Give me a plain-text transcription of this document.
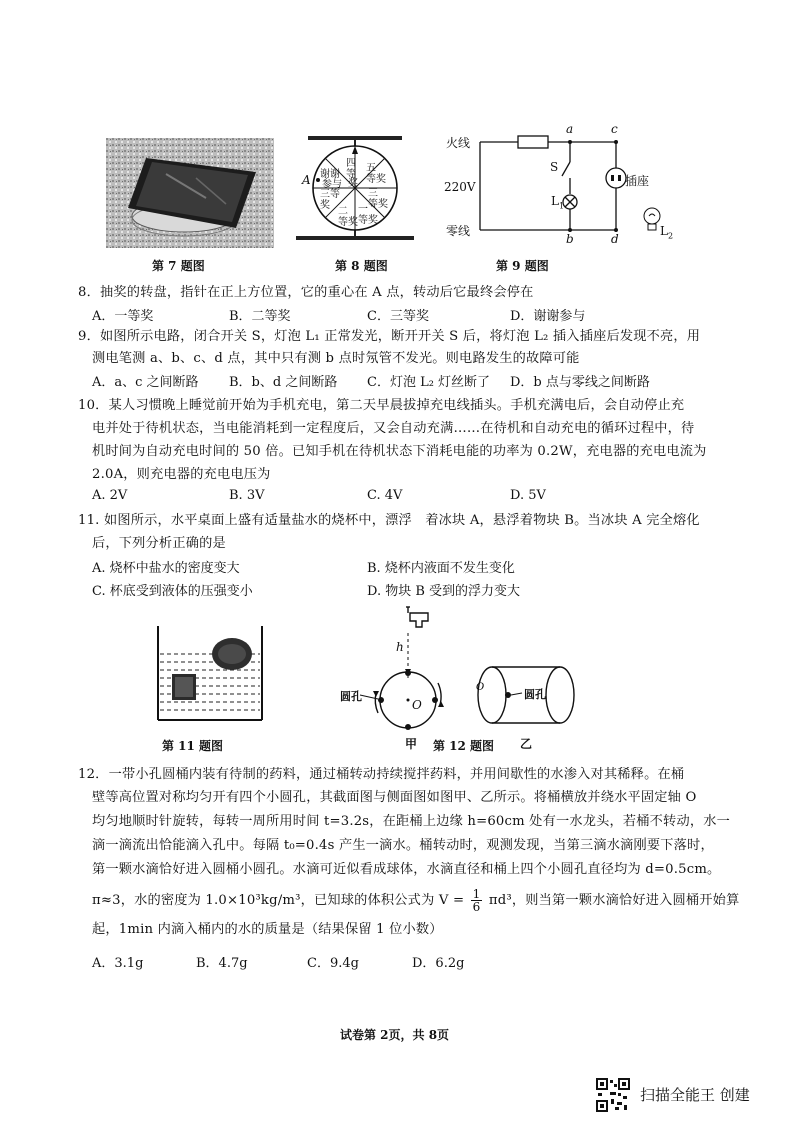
第 7 题图
四
等
五
等奖
三
等奖
一
等奖
二
等奖
三等
奖
谢谢
参与 奖
A
第 8 题图
火线
220V
零线
a	c
S
$L_1$
插座
b	d
$L_2$
第 9 题图
8．抽奖的转盘，指针在正上方位置，它的重心在 A 点，转动后它最终会停在
A．一等奖	B．二等奖	C．三等奖	D．谢谢参与
9．如图所示电路，闭合开关 S，灯泡 L₁ 正常发光，断开开关 S 后，将灯泡 L₂ 插入插座后发现不亮，用
测电笔测 a、b、c、d 点，其中只有测 b 点时氖管不发光。则电路发生的故障可能
A．a、c 之间断路 B．b、d 之间断路 C．灯泡 L₂ 灯丝断了 D．b 点与零线之间断路
10．某人习惯晚上睡觉前开始为手机充电，第二天早晨拔掉充电线插头。手机充满电后，会自动停止充
电并处于待机状态，当电能消耗到一定程度后，又会自动充满……在待机和自动充电的循环过程中，待
机时间为自动充电时间的 50 倍。已知手机在待机状态下消耗电能的功率为 0.2W，充电器的充电电流为
2.0A，则充电器的充电电压为
A. 2V	B. 3V	C. 4V	D. 5V
11. 如图所示，水平桌面上盛有适量盐水的烧杯中，漂浮　着冰块 A，悬浮着物块 B。当冰块 A 完全熔化
后，下列分析正确的是
A. 烧杯中盐水的密度变大	B. 烧杯内液面不发生变化
C. 杯底受到液体的压强变小	D. 物块 B 受到的浮力变大
第 11 题图
h
圆孔
O
O
圆孔
甲 第 12 题图 乙
12．一带小孔圆桶内装有待制的药料，通过桶转动持续搅拌药料，并用间歇性的水渗入对其稀释。在桶
壁等高位置对称均匀开有四个小圆孔，其截面图与侧面图如图甲、乙所示。将桶横放并绕水平固定轴 O
均匀地顺时针旋转，每转一周所用时间 t=3.2s，在距桶上边缘 h=60cm 处有一水龙头，若桶不转动，水一
滴一滴流出恰能滴入孔中。每隔 t₀=0.4s 产生一滴水。桶转动时，观测发现，当第三滴水滴刚要下落时，
第一颗水滴恰好进入圆桶小圆孔。水滴可近似看成球体，水滴直径和桶上四个小圆孔直径均为 d=0.5cm。
π≈3，水的密度为 1.0×10³kg/m³，已知球的体积公式为 $V = \frac{1}{6} \pi d^3$，则当第一颗水滴恰好进入圆桶开始算
起，1min 内滴入桶内的水的质量是（结果保留 1 位小数）
A．3.1g	B．4.7g	C．9.4g	D．6.2g
试卷第 2页，共 8页
扫描全能王 创建
